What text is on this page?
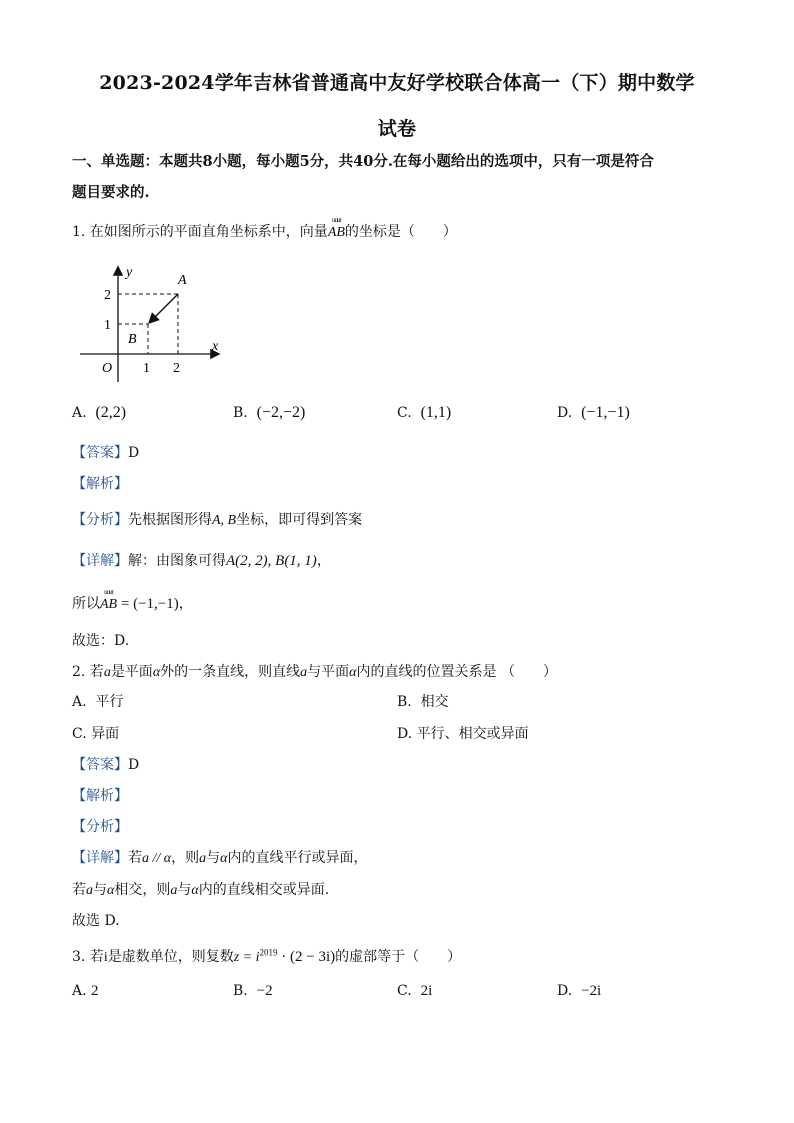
2023-2024学年吉林省普通高中友好学校联合体高一（下）期中数学
试卷
一、单选题：本题共8小题，每小题5分，共40分.在每小题给出的选项中，只有一项是符合
题目要求的.
1. 在如图所示的平面直角坐标系中，向量
uuur
AB的坐标是（　　）
y
x
O
A
B
2
1
1 2
A. (2,2)	B. (−2,−2)	C. (1,1)	D. (−1,−1)
【答案】D
【解析】
【分析】先根据图形得A, B坐标，即可得到答案
【详解】解：由图象可得A(2, 2), B(1, 1)，
所以
uuur
AB = (−1,−1)，
故选：D.
2. 若a是平面α外的一条直线，则直线a与平面α内的直线的位置关系是 （　　）
A. 平行	B. 相交
C. 异面	D. 平行、相交或异面
【答案】D
【解析】
【分析】
【详解】若a // α，则a与α内的直线平行或异面，
若a与α相交，则a与α内的直线相交或异面.
故选 D.
3. 若i是虚数单位，则复数$z = i^{2019} \cdot (2 - 3i)$的虚部等于（　　）
A. 2	B. −2	C. 2i	D. −2i
